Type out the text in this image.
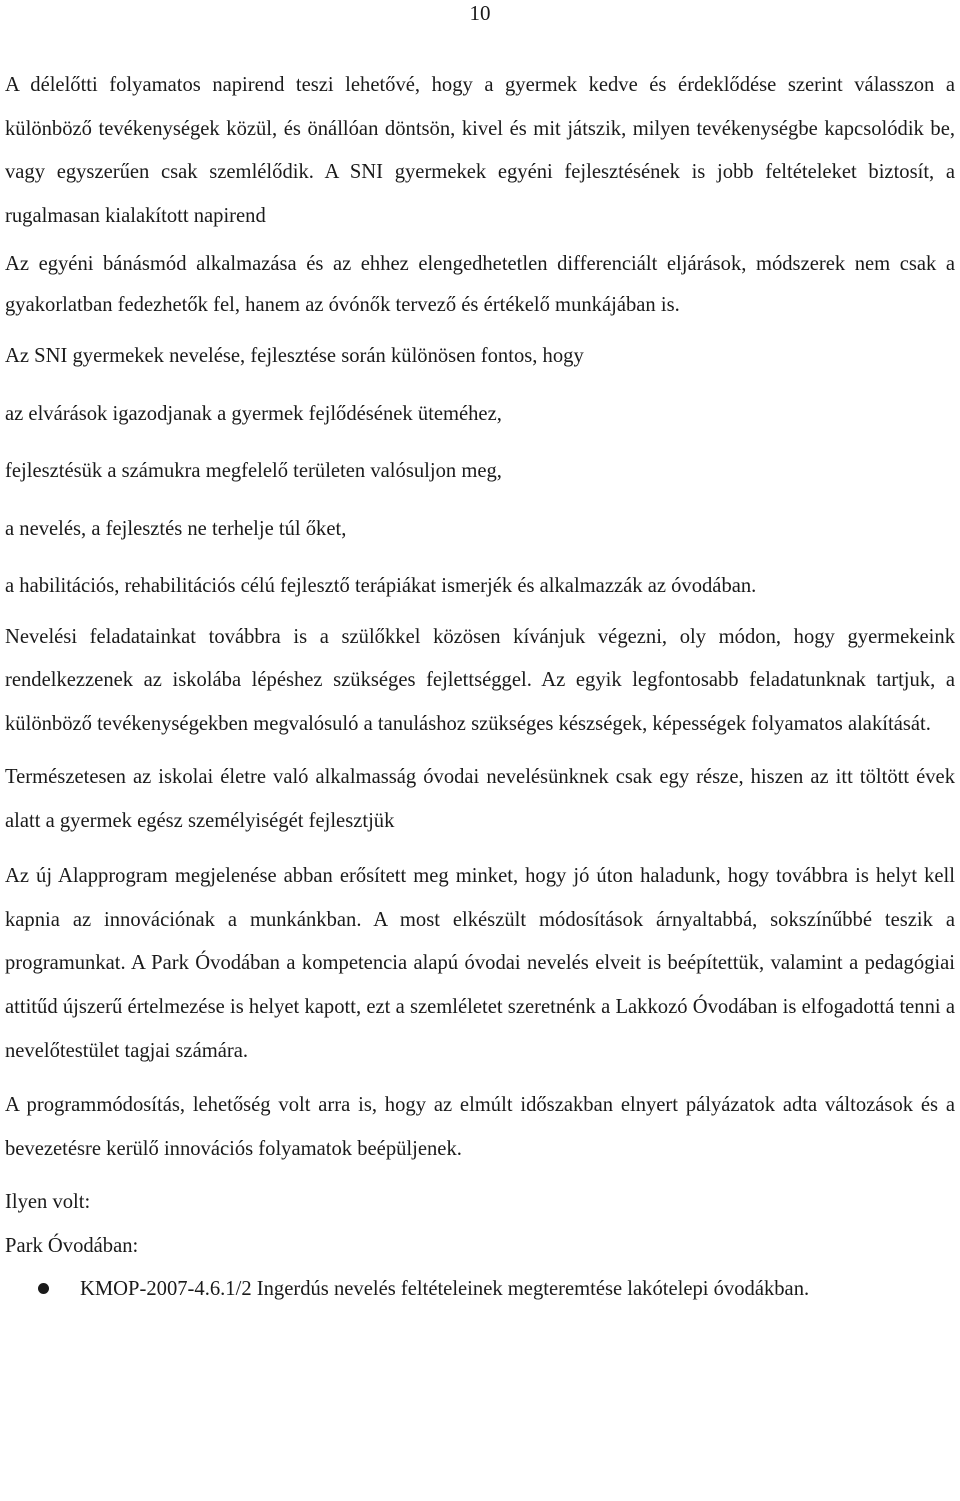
10

A délelőtti folyamatos napirend teszi lehetővé, hogy a gyermek kedve és érdeklődése szerint válasszon a különböző tevékenységek közül, és önállóan döntsön, kivel és mit játszik, milyen tevékenységbe kapcsolódik be, vagy egyszerűen csak szemlélődik. A SNI gyermekek egyéni fejlesztésének is jobb feltételeket biztosít, a rugalmasan kialakított napirend

Az egyéni bánásmód alkalmazása és az ehhez elengedhetetlen differenciált eljárások, módszerek nem csak a gyakorlatban fedezhetők fel, hanem az óvónők tervező és értékelő munkájában is.

Az SNI gyermekek nevelése, fejlesztése során különösen fontos, hogy

az elvárások igazodjanak a gyermek fejlődésének üteméhez,

fejlesztésük a számukra megfelelő területen valósuljon meg,

a nevelés, a fejlesztés ne terhelje túl őket,

a habilitációs, rehabilitációs célú fejlesztő terápiákat ismerjék és alkalmazzák az óvodában.

Nevelési feladatainkat továbbra is a szülőkkel közösen kívánjuk végezni, oly módon, hogy gyermekeink rendelkezzenek az iskolába lépéshez szükséges fejlettséggel. Az egyik legfontosabb feladatunknak tartjuk, a különböző tevékenységekben megvalósuló a tanuláshoz szükséges készségek, képességek folyamatos alakítását.

Természetesen az iskolai életre való alkalmasság óvodai nevelésünknek csak egy része, hiszen az itt töltött évek alatt a gyermek egész személyiségét fejlesztjük

Az új Alapprogram megjelenése abban erősített meg minket, hogy jó úton haladunk, hogy továbbra is helyt kell kapnia az innovációnak a munkánkban. A most elkészült módosítások árnyaltabbá, sokszínűbbé teszik a programunkat. A Park Óvodában a kompetencia alapú óvodai nevelés elveit is beépítettük, valamint a pedagógiai attitűd újszerű értelmezése is helyet kapott, ezt a szemléletet szeretnénk a Lakkozó Óvodában is elfogadottá tenni a nevelőtestület tagjai számára.

A programmódosítás, lehetőség volt arra is, hogy az elmúlt időszakban elnyert pályázatok adta változások és a bevezetésre kerülő innovációs folyamatok beépüljenek.

Ilyen volt:

Park Óvodában:

KMOP-2007-4.6.1/2 Ingerdús nevelés feltételeinek megteremtése lakótelepi óvodákban.
